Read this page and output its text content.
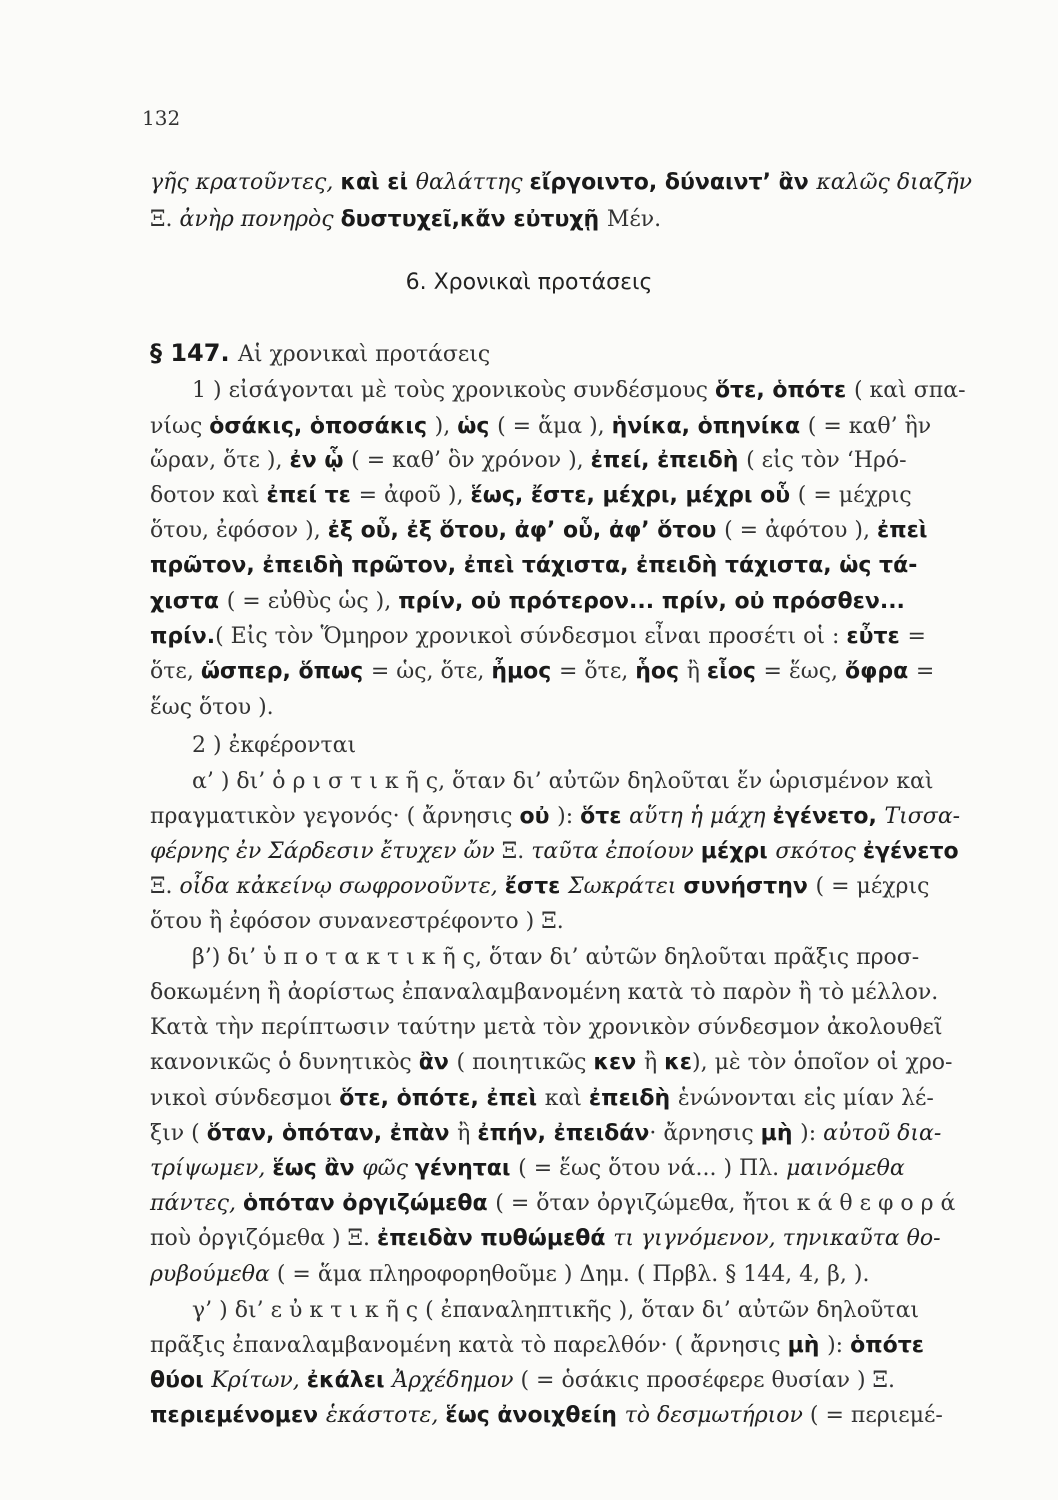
132
γῆς κρατοῦντες, καὶ εἰ θαλάττης εἴργοιντο, δύναιντ’ ἂν καλῶς διαζῆν
Ξ. ἀνὴρ πονηρὸς δυστυχεῖ,κἄν εὐτυχῇ Μέν.
6. Χρονικαὶ προτάσεις
§ 147. Αἱ χρονικαὶ προτάσεις
1 ) εἰσάγονται μὲ τοὺς χρονικοὺς συνδέσμους ὅτε, ὁπότε ( καὶ σπα-
νίως ὁσάκις, ὁποσάκις ), ὡς ( = ἅμα ), ἡνίκα, ὁπηνίκα ( = καθ’ ἣν
ὥραν, ὅτε ), ἐν ᾧ ( = καθ’ ὃν χρόνον ), ἐπεί, ἐπειδὴ ( εἰς τὸν ‘Ηρό-
δοτον καὶ ἐπεί τε = ἀφοῦ ), ἕως, ἔστε, μέχρι, μέχρι οὗ ( = μέχρις
ὅτου, ἐφόσον ), ἐξ οὗ, ἐξ ὅτου, ἀφ’ οὗ, ἀφ’ ὅτου ( = ἀφότου ), ἐπεὶ
πρῶτον, ἐπειδὴ πρῶτον, ἐπεὶ τάχιστα, ἐπειδὴ τάχιστα, ὡς τά-
χιστα ( = εὐθὺς ὡς ), πρίν, οὐ πρότερον... πρίν, οὐ πρόσθεν...
πρίν.( Εἰς τὸν Ὅμηρον χρονικοὶ σύνδεσμοι εἶναι προσέτι οἱ : εὖτε =
ὅτε, ὥσπερ, ὅπως = ὡς, ὅτε, ἦμος = ὅτε, ἧος ἢ εἷος = ἕως, ὄφρα =
ἕως ὅτου ).
2 ) ἐκφέρονται
α’ ) δι’ ὁ ρ ι σ τ ι κ ῆ ς, ὅταν δι’ αὐτῶν δηλοῦται ἕν ὡρισμένον καὶ
πραγματικὸν γεγονός· ( ἄρνησις οὐ ): ὅτε αὕτη ἡ μάχη ἐγένετο, Τισσα-
φέρνης ἐν Σάρδεσιν ἔτυχεν ὤν Ξ. ταῦτα ἐποίουν μέχρι σκότος ἐγένετο
Ξ. οἶδα κἀκείνῳ σωφρονοῦντε, ἔστε Σωκράτει συνήστην ( = μέχρις
ὅτου ἢ ἐφόσον συνανεστρέφοντο ) Ξ.
β’) δι’ ὑ π ο τ α κ τ ι κ ῆ ς, ὅταν δι’ αὐτῶν δηλοῦται πρᾶξις προσ-
δοκωμένη ἢ ἀορίστως ἐπαναλαμβανομένη κατὰ τὸ παρὸν ἢ τὸ μέλλον.
Κατὰ τὴν περίπτωσιν ταύτην μετὰ τὸν χρονικὸν σύνδεσμον ἀκολουθεῖ
κανονικῶς ὁ δυνητικὸς ἂν ( ποιητικῶς κεν ἢ κε), μὲ τὸν ὁποῖον οἱ χρο-
νικοὶ σύνδεσμοι ὅτε, ὁπότε, ἐπεὶ καὶ ἐπειδὴ ἑνώνονται εἰς μίαν λέ-
ξιν ( ὅταν, ὁπόταν, ἐπὰν ἢ ἐπήν, ἐπειδάν· ἄρνησις μὴ ): αὐτοῦ δια-
τρίψωμεν, ἕως ἂν φῶς γένηται ( = ἕως ὅτου νά... ) Πλ. μαινόμεθα
πάντες, ὁπόταν ὀργιζώμεθα ( = ὅταν ὀργιζώμεθα, ἤτοι κ ά θ ε φ ο ρ ά
ποὺ ὀργιζόμεθα ) Ξ. ἐπειδὰν πυθώμεθά τι γιγνόμενον, τηνικαῦτα θο-
ρυβούμεθα ( = ἅμα πληροφορηθοῦμε ) Δημ. ( Πρβλ. § 144, 4, β, ).
γ’ ) δι’ ε ὐ κ τ ι κ ῆ ς ( ἐπαναληπτικῆς ), ὅταν δι’ αὐτῶν δηλοῦται
πρᾶξις ἐπαναλαμβανομένη κατὰ τὸ παρελθόν· ( ἄρνησις μὴ ): ὁπότε
θύοι Κρίτων, ἐκάλει Ἀρχέδημον ( = ὁσάκις προσέφερε θυσίαν ) Ξ.
περιεμένομεν ἑκάστοτε, ἕως ἀνοιχθείη τὸ δεσμωτήριον ( = περιεμέ-
